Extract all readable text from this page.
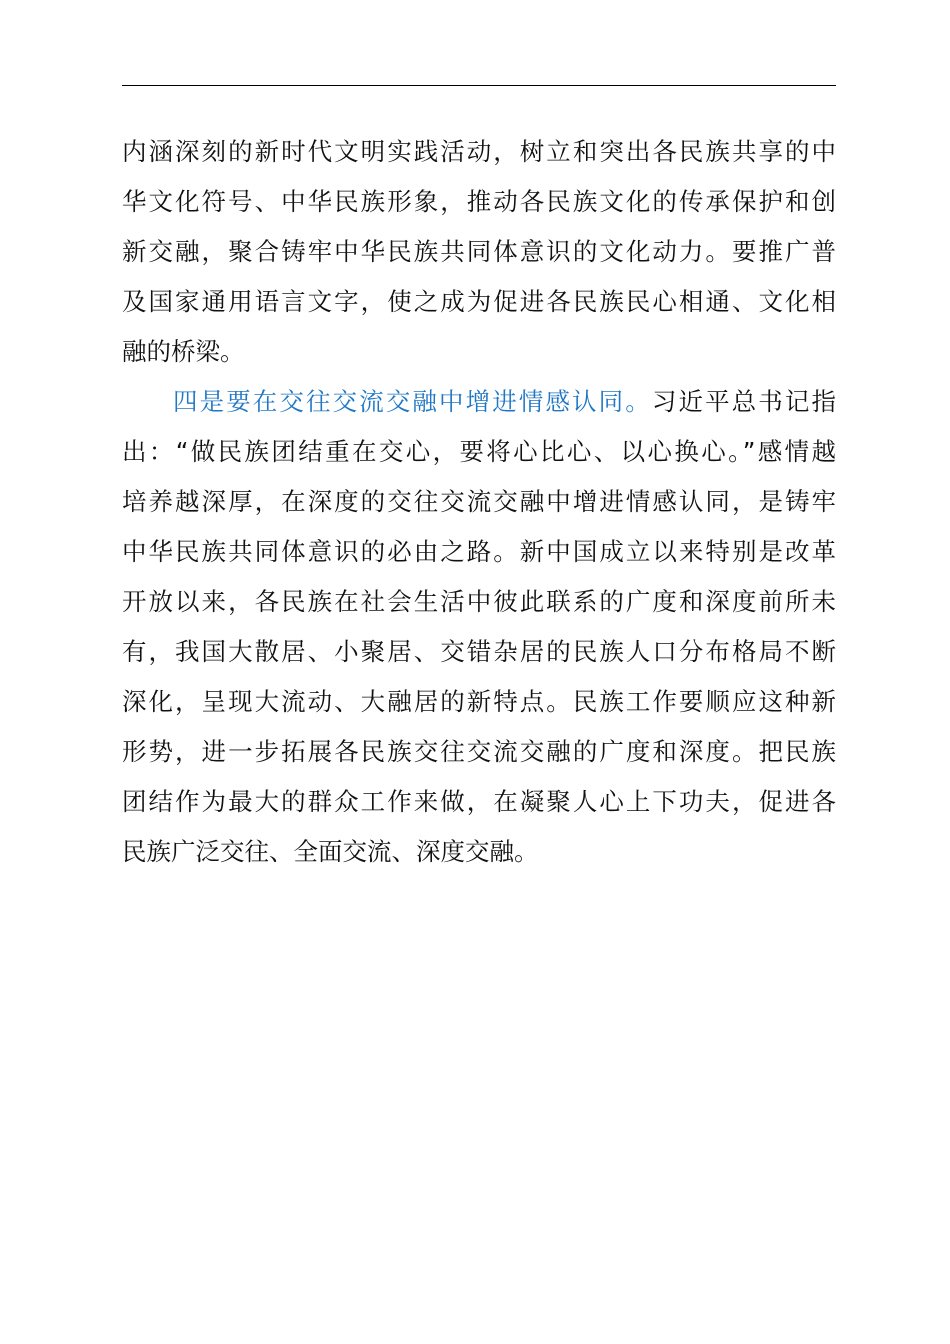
内涵深刻的新时代文明实践活动，树立和突出各民族共享的中
华文化符号、中华民族形象，推动各民族文化的传承保护和创
新交融，聚合铸牢中华民族共同体意识的文化动力。要推广普
及国家通用语言文字，使之成为促进各民族民心相通、文化相
融的桥梁。
四是要在交往交流交融中增进情感认同。习近平总书记指
出：“做民族团结重在交心，要将心比心、以心换心。”感情越
培养越深厚，在深度的交往交流交融中增进情感认同，是铸牢
中华民族共同体意识的必由之路。新中国成立以来特别是改革
开放以来，各民族在社会生活中彼此联系的广度和深度前所未
有，我国大散居、小聚居、交错杂居的民族人口分布格局不断
深化，呈现大流动、大融居的新特点。民族工作要顺应这种新
形势，进一步拓展各民族交往交流交融的广度和深度。把民族
团结作为最大的群众工作来做，在凝聚人心上下功夫，促进各
民族广泛交往、全面交流、深度交融。
